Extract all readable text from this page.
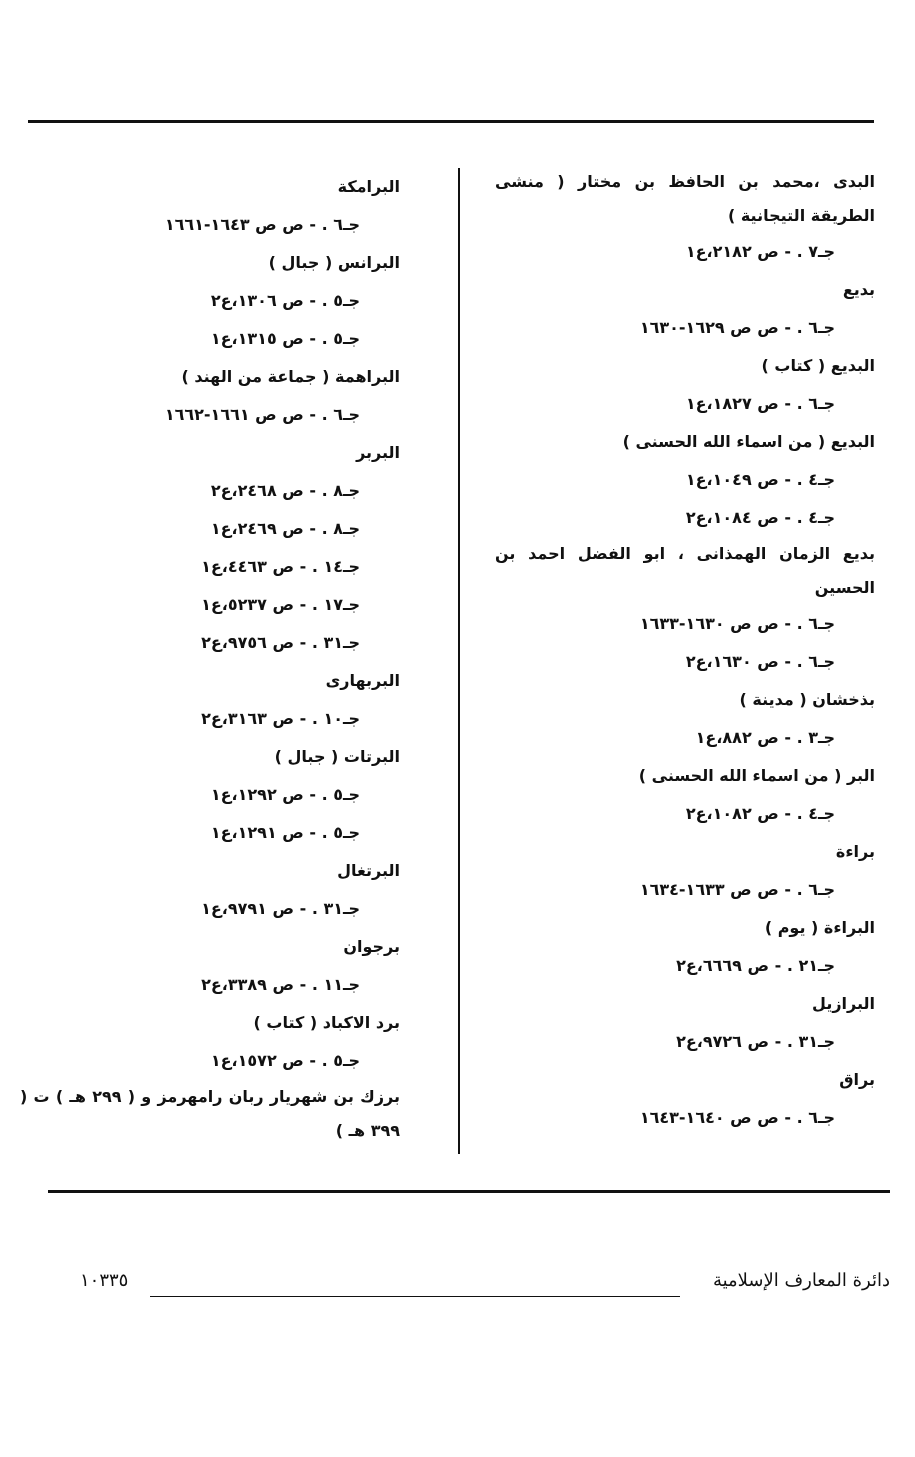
البدى ،محمد بن الحافظ بن مختار ( منشى الطريقة التيجانية )
جـ٧ . - ص ٢١٨٢،ع١
بديع
جـ٦ . - ص ص ١٦٢٩-١٦٣٠
البديع ( كتاب )
جـ٦ . - ص ١٨٢٧،ع١
البديع ( من اسماء الله الحسنى )
جـ٤ . - ص ١٠٤٩،ع١
جـ٤ . - ص ١٠٨٤،ع٢
بديع الزمان الهمذانى ، ابو الفضل احمد بن الحسين
جـ٦ . - ص ص ١٦٣٠-١٦٣٣
جـ٦ . - ص ١٦٣٠،ع٢
بذخشان ( مدينة )
جـ٣ . - ص ٨٨٢،ع١
البر ( من اسماء الله الحسنى )
جـ٤ . - ص ١٠٨٢،ع٢
براءة
جـ٦ . - ص ص ١٦٣٣-١٦٣٤
البراءة ( يوم )
جـ٢١ . - ص ٦٦٦٩،ع٢
البرازيل
جـ٣١ . - ص ٩٧٢٦،ع٢
براق
جـ٦ . - ص ص ١٦٤٠-١٦٤٣
البرامكة
جـ٦ . - ص ص ١٦٤٣-١٦٦١
البرانس ( جبال )
جـ٥ . - ص ١٣٠٦،ع٢
جـ٥ . - ص ١٣١٥،ع١
البراهمة ( جماعة من الهند )
جـ٦ . - ص ص ١٦٦١-١٦٦٢
البربر
جـ٨ . - ص ٢٤٦٨،ع٢
جـ٨ . - ص ٢٤٦٩،ع١
جـ١٤ . - ص ٤٤٦٣،ع١
جـ١٧ . - ص ٥٢٣٧،ع١
جـ٣١ . - ص ٩٧٥٦،ع٢
البربهارى
جـ١٠ . - ص ٣١٦٣،ع٢
البرتات ( جبال )
جـ٥ . - ص ١٢٩٢،ع١
جـ٥ . - ص ١٢٩١،ع١
البرتغال
جـ٣١ . - ص ٩٧٩١،ع١
برجوان
جـ١١ . - ص ٣٣٨٩،ع٢
برد الاكباد ( كتاب )
جـ٥ . - ص ١٥٧٢،ع١
برزك بن شهريار ربان رامهرمز و ( ٢٩٩ هـ ) ت ( ٣٩٩ هـ )
دائرة المعارف الإسلامية
١٠٣٣٥
